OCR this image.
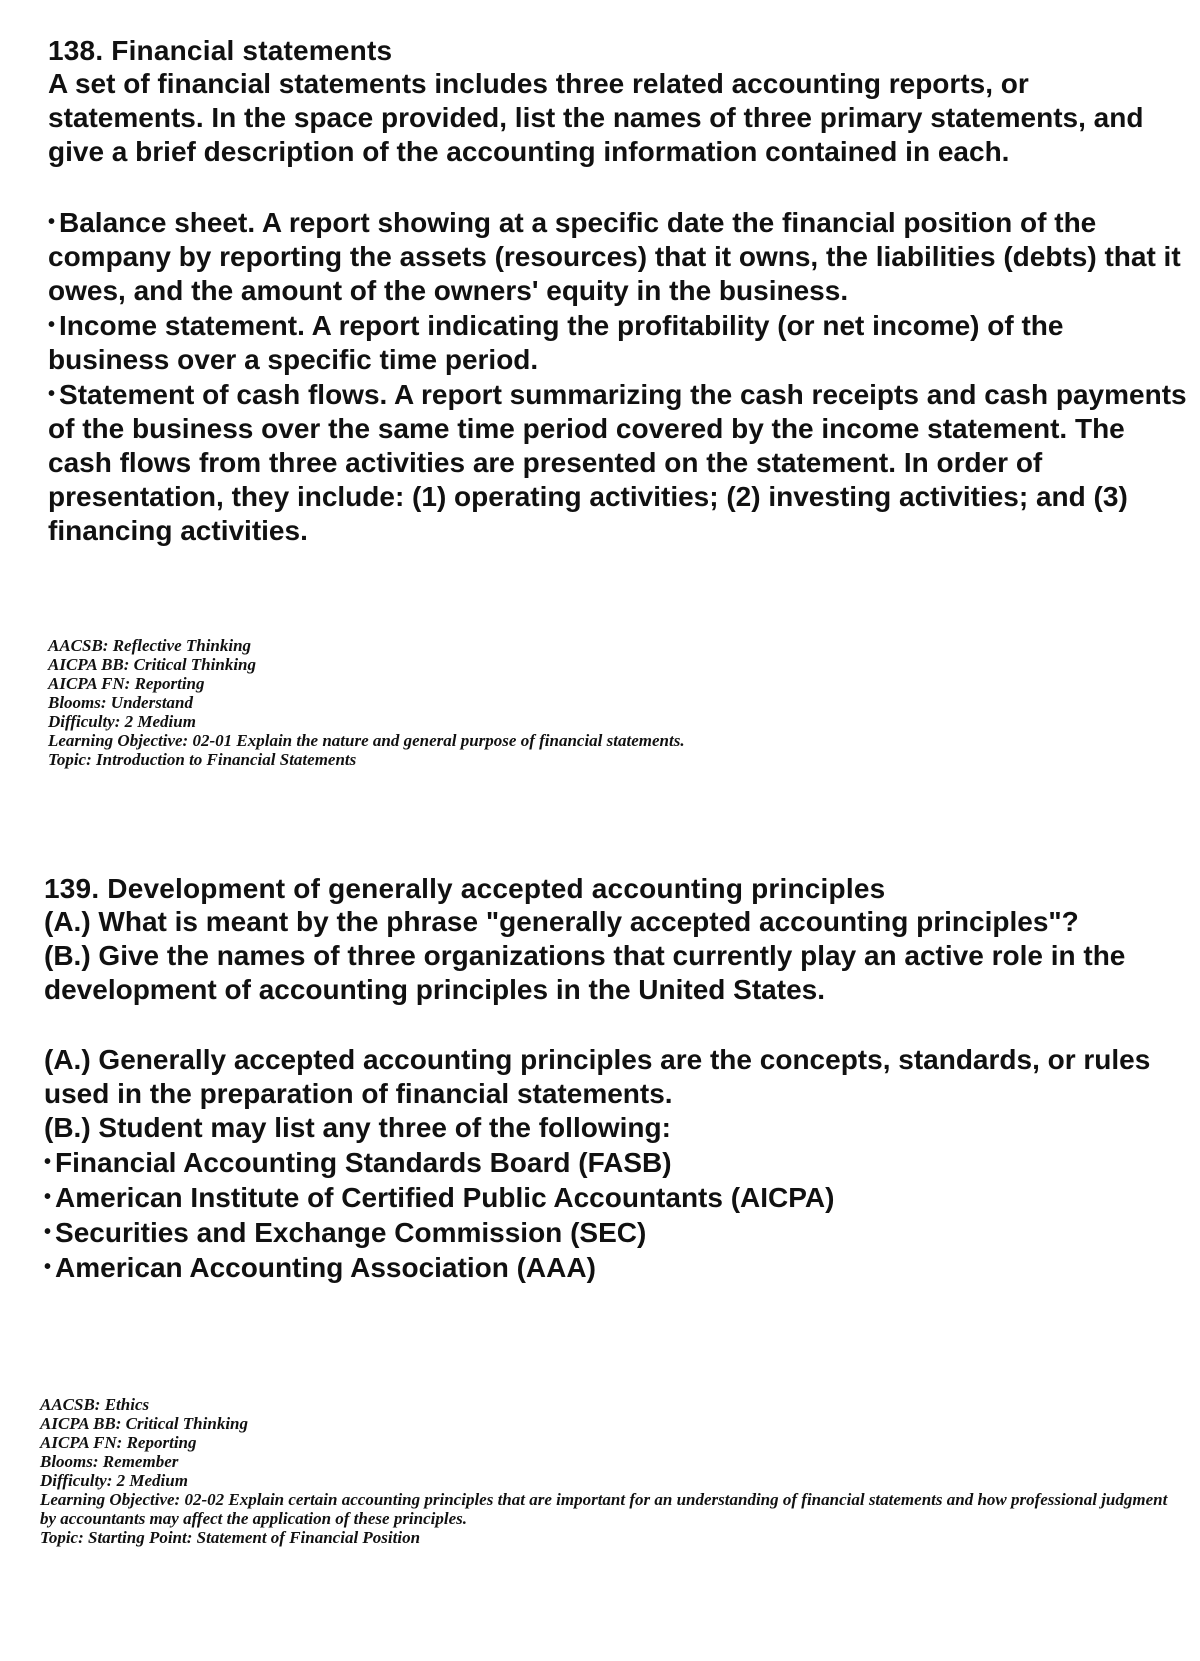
138. Financial statements

A set of financial statements includes three related accounting reports, or statements. In the space provided, list the names of three primary statements, and give a brief description of the accounting information contained in each.

• Balance sheet. A report showing at a specific date the financial position of the company by reporting the assets (resources) that it owns, the liabilities (debts) that it owes, and the amount of the owners' equity in the business.
• Income statement. A report indicating the profitability (or net income) of the business over a specific time period.
• Statement of cash flows. A report summarizing the cash receipts and cash payments of the business over the same time period covered by the income statement. The cash flows from three activities are presented on the statement. In order of presentation, they include: (1) operating activities; (2) investing activities; and (3) financing activities.
AACSB: Reflective Thinking
AICPA BB: Critical Thinking
AICPA FN: Reporting
Blooms: Understand
Difficulty: 2 Medium
Learning Objective: 02-01 Explain the nature and general purpose of financial statements.
Topic: Introduction to Financial Statements
139. Development of generally accepted accounting principles

(A.) What is meant by the phrase "generally accepted accounting principles"?

(B.) Give the names of three organizations that currently play an active role in the development of accounting principles in the United States.

(A.) Generally accepted accounting principles are the concepts, standards, or rules used in the preparation of financial statements.

(B.) Student may list any three of the following:

• Financial Accounting Standards Board (FASB)
• American Institute of Certified Public Accountants (AICPA)
• Securities and Exchange Commission (SEC)
• American Accounting Association (AAA)
AACSB: Ethics
AICPA BB: Critical Thinking
AICPA FN: Reporting
Blooms: Remember
Difficulty: 2 Medium
Learning Objective: 02-02 Explain certain accounting principles that are important for an understanding of financial statements and how professional judgment by accountants may affect the application of these principles.
Topic: Starting Point: Statement of Financial Position
